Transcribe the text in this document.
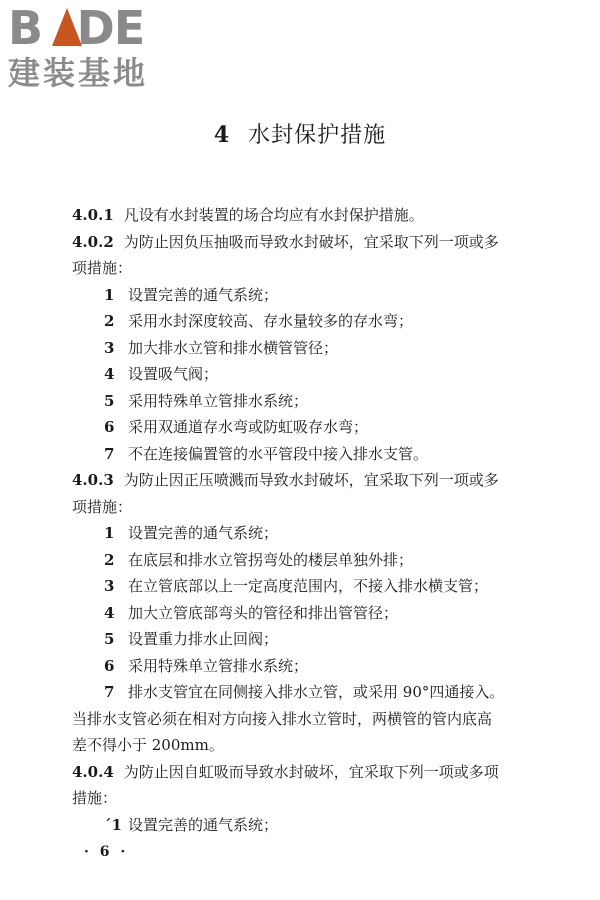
B DE
建装基地
4 水封保护措施
4.0.1 凡设有水封装置的场合均应有水封保护措施。
4.0.2 为防止因负压抽吸而导致水封破坏，宜采取下列一项或多
项措施：
1 设置完善的通气系统；
2 采用水封深度较高、存水量较多的存水弯；
3 加大排水立管和排水横管管径；
4 设置吸气阀；
5 采用特殊单立管排水系统；
6 采用双通道存水弯或防虹吸存水弯；
7 不在连接偏置管的水平管段中接入排水支管。
4.0.3 为防止因正压喷溅而导致水封破坏，宜采取下列一项或多
项措施：
1 设置完善的通气系统；
2 在底层和排水立管拐弯处的楼层单独外排；
3 在立管底部以上一定高度范围内，不接入排水横支管；
4 加大立管底部弯头的管径和排出管管径；
5 设置重力排水止回阀；
6 采用特殊单立管排水系统；
7 排水支管宜在同侧接入排水立管，或采用 90°四通接入。
当排水支管必须在相对方向接入排水立管时，两横管的管内底高
差不得小于 200mm。
4.0.4 为防止因自虹吸而导致水封破坏，宜采取下列一项或多项
措施：
ˊ1 设置完善的通气系统；
· 6 ·
